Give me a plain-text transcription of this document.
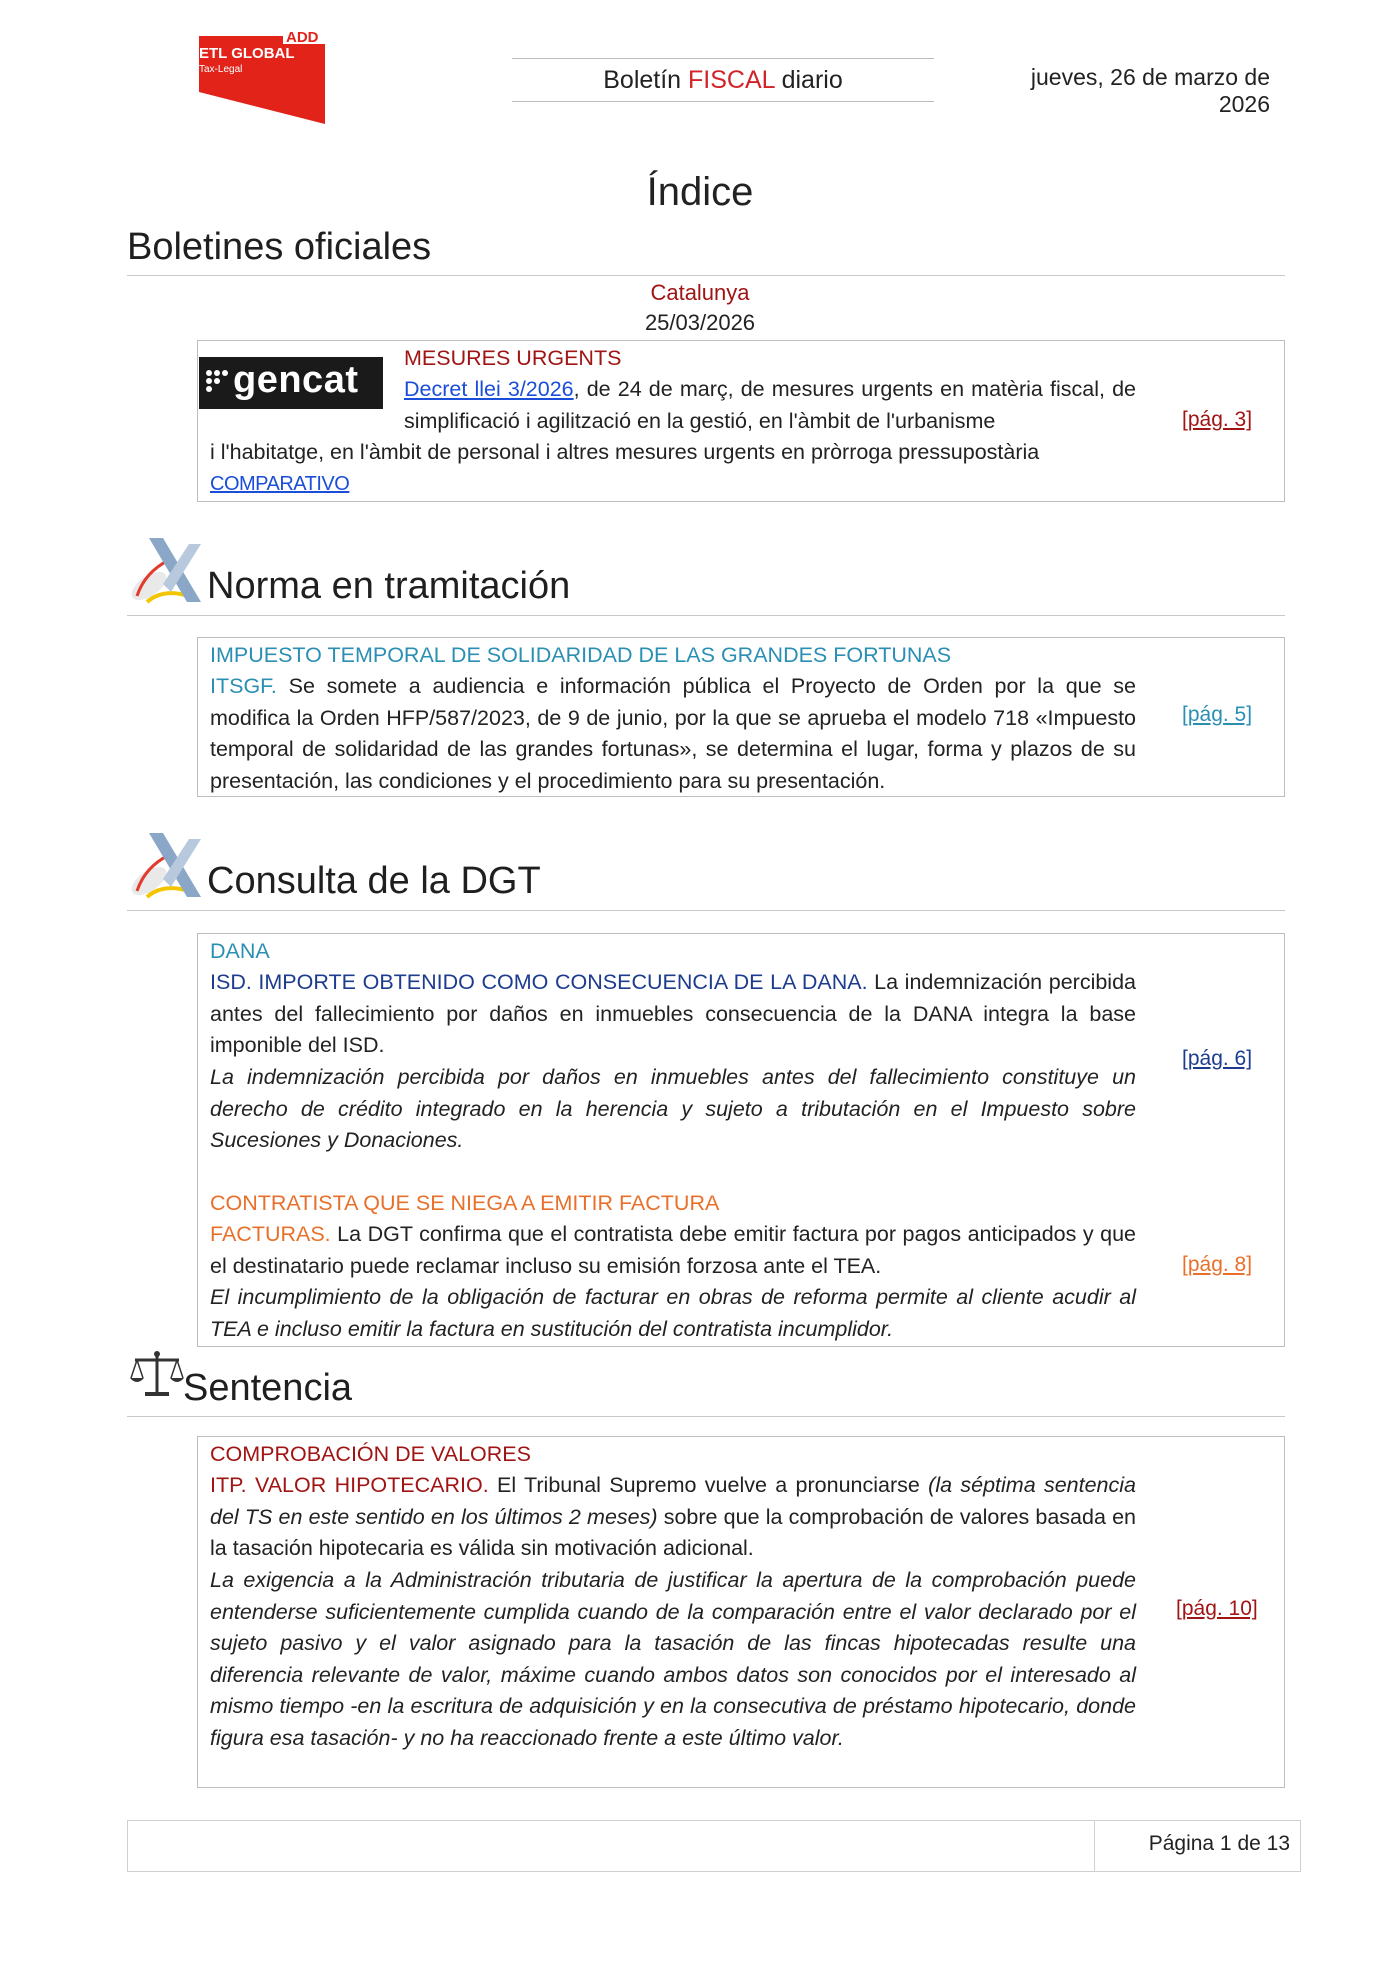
ADD
ETL GLOBAL
Tax-Legal	Boletín FISCAL diario	jueves, 26 de marzo de 2026
Índice
Boletines oficiales
Catalunya
25/03/2026
gencat
MESURES URGENTS
Decret llei 3/2026, de 24 de març, de mesures urgents en matèria fiscal, de simplificació i agilització en la gestió, en l'àmbit de l'urbanisme
i l'habitatge, en l'àmbit de personal i altres mesures urgents en pròrroga pressupostària
COMPARATIVO
[pág. 3]
Norma en tramitación
IMPUESTO TEMPORAL DE SOLIDARIDAD DE LAS GRANDES FORTUNAS
ITSGF. Se somete a audiencia e información pública el Proyecto de Orden por la que se modifica la Orden HFP/587/2023, de 9 de junio, por la que se aprueba el modelo 718 «Impuesto temporal de solidaridad de las grandes fortunas», se determina el lugar, forma y plazos de su presentación, las condiciones y el procedimiento para su presentación.
[pág. 5]
Consulta de la DGT
DANA
ISD. IMPORTE OBTENIDO COMO CONSECUENCIA DE LA DANA. La indemnización percibida antes del fallecimiento por daños en inmuebles consecuencia de la DANA integra la base imponible del ISD.
La indemnización percibida por daños en inmuebles antes del fallecimiento constituye un derecho de crédito integrado en la herencia y sujeto a tributación en el Impuesto sobre Sucesiones y Donaciones.
[pág. 6]
CONTRATISTA QUE SE NIEGA A EMITIR FACTURA
FACTURAS. La DGT confirma que el contratista debe emitir factura por pagos anticipados y que el destinatario puede reclamar incluso su emisión forzosa ante el TEA.
El incumplimiento de la obligación de facturar en obras de reforma permite al cliente acudir al TEA e incluso emitir la factura en sustitución del contratista incumplidor.
[pág. 8]
Sentencia
COMPROBACIÓN DE VALORES
ITP. VALOR HIPOTECARIO. El Tribunal Supremo vuelve a pronunciarse (la séptima sentencia del TS en este sentido en los últimos 2 meses) sobre que la comprobación de valores basada en la tasación hipotecaria es válida sin motivación adicional.
La exigencia a la Administración tributaria de justificar la apertura de la comprobación puede entenderse suficientemente cumplida cuando de la comparación entre el valor declarado por el sujeto pasivo y el valor asignado para la tasación de las fincas hipotecadas resulte una diferencia relevante de valor, máxime cuando ambos datos son conocidos por el interesado al mismo tiempo -en la escritura de adquisición y en la consecutiva de préstamo hipotecario, donde figura esa tasación- y no ha reaccionado frente a este último valor.
[pág. 10]
Página 1 de 13
